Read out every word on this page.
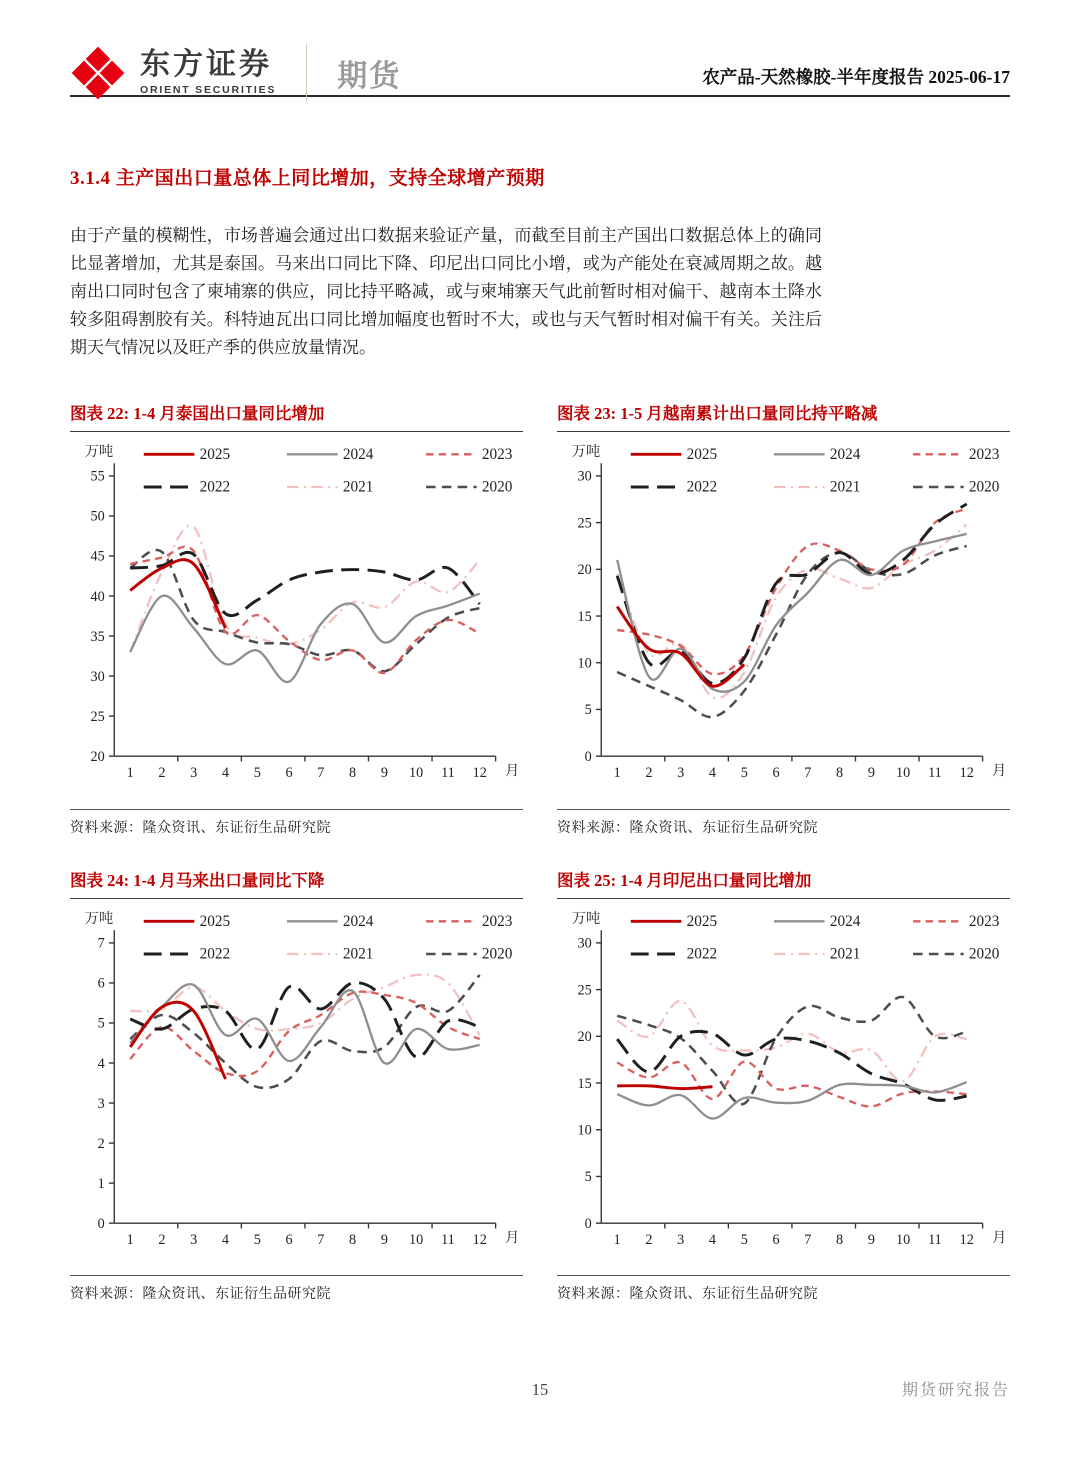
东方证券
ORIENT SECURITIES 期货	农产品-天然橡胶-半年度报告 2025-06-17
3.1.4 主产国出口量总体上同比增加，支持全球增产预期

由于产量的模糊性，市场普遍会通过出口数据来验证产量，而截至目前主产国出口数据总体上的确同比显著增加，尤其是泰国。马来出口同比下降、印尼出口同比小增，或为产能处在衰减周期之故。越南出口同时包含了柬埔寨的供应，同比持平略减，或与柬埔寨天气此前暂时相对偏干、越南本土降水较多阻碍割胶有关。科特迪瓦出口同比增加幅度也暂时不大，或也与天气暂时相对偏干有关。关注后期天气情况以及旺产季的供应放量情况。

图表 22: 1-4 月泰国出口量同比增加
20
25
30
35
40
45
50
55
1 2 3 4 5 6 7 8 9 10 11 12 月
万吨	2025	2024	2023
2022	2021	2020

资料来源：隆众资讯、东证衍生品研究院

图表 23: 1-5 月越南累计出口量同比持平略减
0
5
10
15
20
25
30
1 2 3 4 5 6 7 8 9 10 11 12 月
万吨	2025	2024	2023
2022	2021	2020

资料来源：隆众资讯、东证衍生品研究院

图表 24: 1-4 月马来出口量同比下降
0
1
2
3
4
5
6
7
1 2 3 4 5 6 7 8 9 10 11 12 月
万吨	2025	2024	2023
2022	2021	2020

资料来源：隆众资讯、东证衍生品研究院

图表 25: 1-4 月印尼出口量同比增加
0
5
10
15
20
25
30
1 2 3 4 5 6 7 8 9 10 11 12 月
万吨	2025	2024	2023
2022	2021	2020

资料来源：隆众资讯、东证衍生品研究院

15	期货研究报告
